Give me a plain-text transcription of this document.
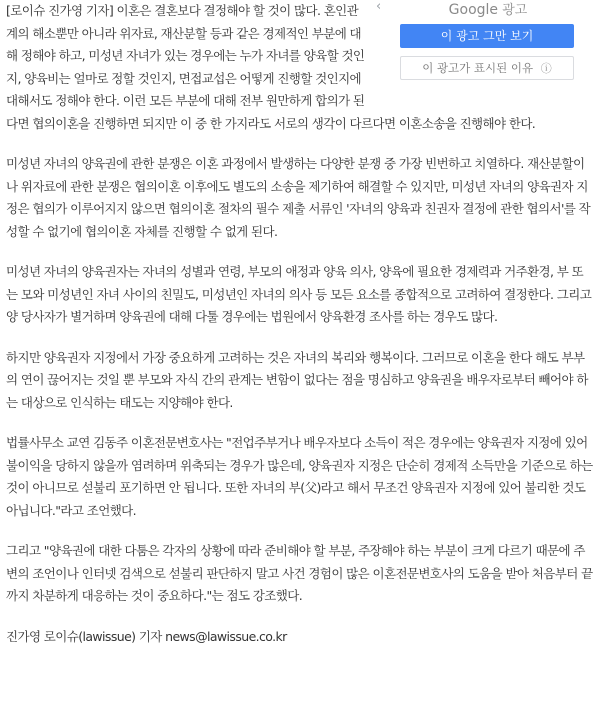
‹	Google 광고
이 광고 그만 보기
이 광고가 표시된 이유 ⓘ

[로이슈 진가영 기자] 이혼은 결혼보다 결정해야 할 것이 많다. 혼인관계의 해소뿐만 아니라 위자료, 재산분할 등과 같은 경제적인 부분에 대해 정해야 하고, 미성년 자녀가 있는 경우에는 누가 자녀를 양육할 것인지, 양육비는 얼마로 정할 것인지, 면접교섭은 어떻게 진행할 것인지에 대해서도 정해야 한다. 이런 모든 부분에 대해 전부 원만하게 합의가 된다면 협의이혼을 진행하면 되지만 이 중 한 가지라도 서로의 생각이 다르다면 이혼소송을 진행해야 한다.

미성년 자녀의 양육권에 관한 분쟁은 이혼 과정에서 발생하는 다양한 분쟁 중 가장 빈번하고 치열하다. 재산분할이나 위자료에 관한 분쟁은 협의이혼 이후에도 별도의 소송을 제기하여 해결할 수 있지만, 미성년 자녀의 양육권자 지정은 협의가 이루어지지 않으면 협의이혼 절차의 필수 제출 서류인 '자녀의 양육과 친권자 결정에 관한 협의서'를 작성할 수 없기에 협의이혼 자체를 진행할 수 없게 된다.

미성년 자녀의 양육권자는 자녀의 성별과 연령, 부모의 애정과 양육 의사, 양육에 필요한 경제력과 거주환경, 부 또는 모와 미성년인 자녀 사이의 친밀도, 미성년인 자녀의 의사 등 모든 요소를 종합적으로 고려하여 결정한다. 그리고 양 당사자가 별거하며 양육권에 대해 다툴 경우에는 법원에서 양육환경 조사를 하는 경우도 많다.

하지만 양육권자 지정에서 가장 중요하게 고려하는 것은 자녀의 복리와 행복이다. 그러므로 이혼을 한다 해도 부부의 연이 끊어지는 것일 뿐 부모와 자식 간의 관계는 변함이 없다는 점을 명심하고 양육권을 배우자로부터 빼어야 하는 대상으로 인식하는 태도는 지양해야 한다.

법률사무소 교연 김동주 이혼전문변호사는 "전업주부거나 배우자보다 소득이 적은 경우에는 양육권자 지정에 있어 불이익을 당하지 않을까 염려하며 위축되는 경우가 많은데, 양육권자 지정은 단순히 경제적 소득만을 기준으로 하는 것이 아니므로 섣불리 포기하면 안 됩니다. 또한 자녀의 부(父)라고 해서 무조건 양육권자 지정에 있어 불리한 것도 아닙니다."라고 조언했다.

그리고 "양육권에 대한 다툼은 각자의 상황에 따라 준비해야 할 부분, 주장해야 하는 부분이 크게 다르기 때문에 주변의 조언이나 인터넷 검색으로 섣불리 판단하지 말고 사건 경험이 많은 이혼전문변호사의 도움을 받아 처음부터 끝까지 차분하게 대응하는 것이 중요하다."는 점도 강조했다.

진가영 로이슈(lawissue) 기자 news@lawissue.co.kr
